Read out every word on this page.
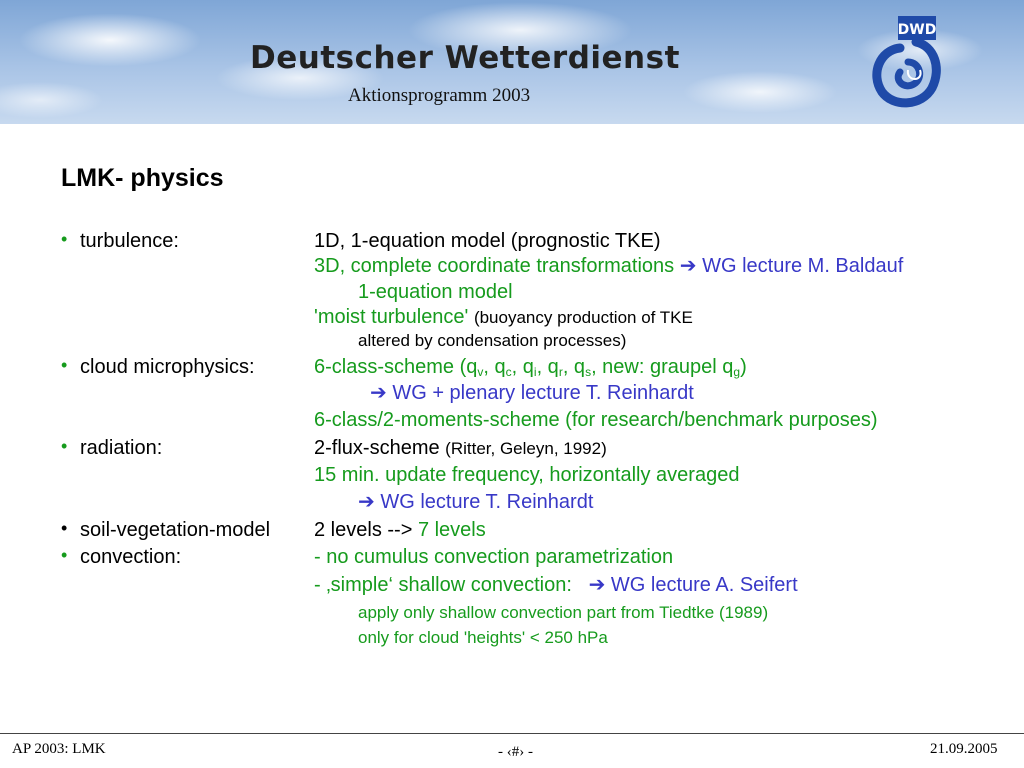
Deutscher Wetterdienst
Aktionsprogramm 2003
DWD
LMK- physics
• turbulence:	1D, 1-equation model (prognostic TKE)
3D, complete coordinate transformations ➔ WG lecture M. Baldauf
1-equation model
'moist turbulence' (buoyancy production of TKE
altered by condensation processes)
• cloud microphysics:	6-class-scheme ($q_v$, $q_c$, $q_i$, $q_r$, $q_s$, new: graupel $q_g$)
➔ WG + plenary lecture T. Reinhardt
6-class/2-moments-scheme (for research/benchmark purposes)
• radiation:	2-flux-scheme (Ritter, Geleyn, 1992)
15 min. update frequency, horizontally averaged
➔ WG lecture T. Reinhardt
• soil-vegetation-model 2 levels --> 7 levels
• convection:	- no cumulus convection parametrization
- ‚simple‘ shallow convection: ➔ WG lecture A. Seifert
apply only shallow convection part from Tiedtke (1989)
only for cloud 'heights' < 250 hPa
AP 2003: LMK	- ‹#› -	21.09.2005
